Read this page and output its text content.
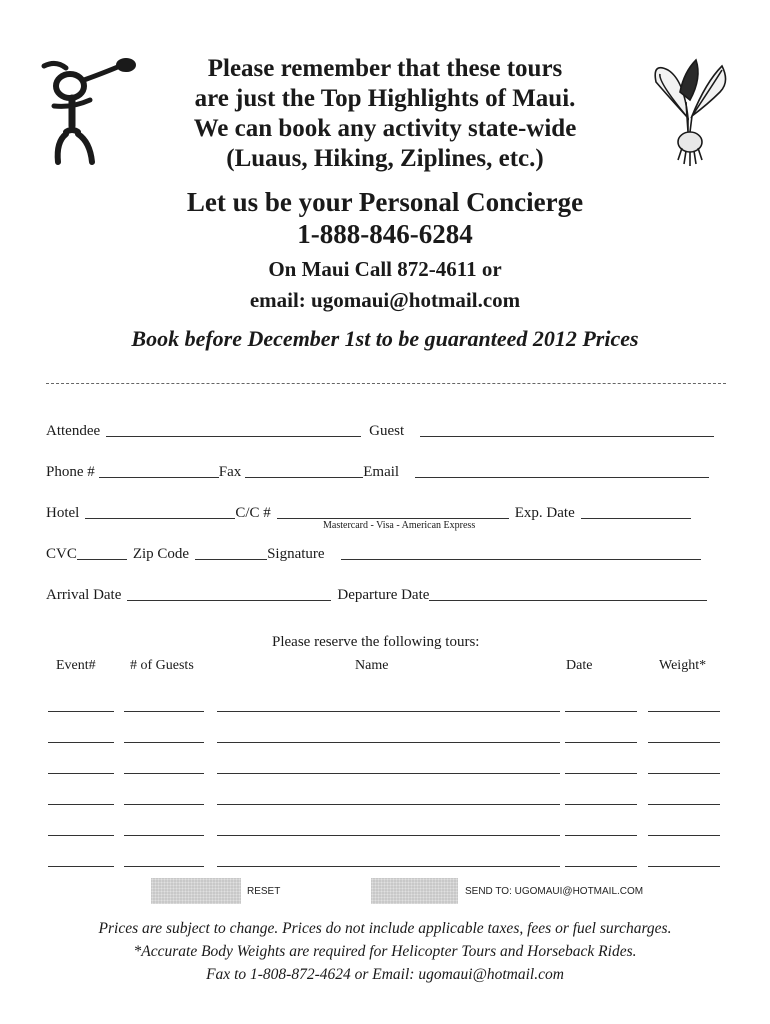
Please remember that these tours
are just the Top Highlights of Maui.
We can book any activity state-wide
(Luaus, Hiking, Ziplines, etc.)
Let us be your Personal Concierge
1-888-846-6284
On Maui Call 872-4611 or
email: ugomaui@hotmail.com
Book before December 1st to be guaranteed 2012 Prices
Attendee	Guest
Phone #	Fax	Email
Hotel	C/C #	Exp. Date
Mastercard - Visa - American Express
CVC	Zip Code	Signature
Arrival Date	Departure Date
Please reserve the following tours:
Event# # of Guests	Name	Date	Weight*
RESET	SEND TO: UGOMAUI@HOTMAIL.COM
Prices are subject to change. Prices do not include applicable taxes, fees or fuel surcharges.
*Accurate Body Weights are required for Helicopter Tours and Horseback Rides.
Fax to 1-808-872-4624 or Email: ugomaui@hotmail.com
